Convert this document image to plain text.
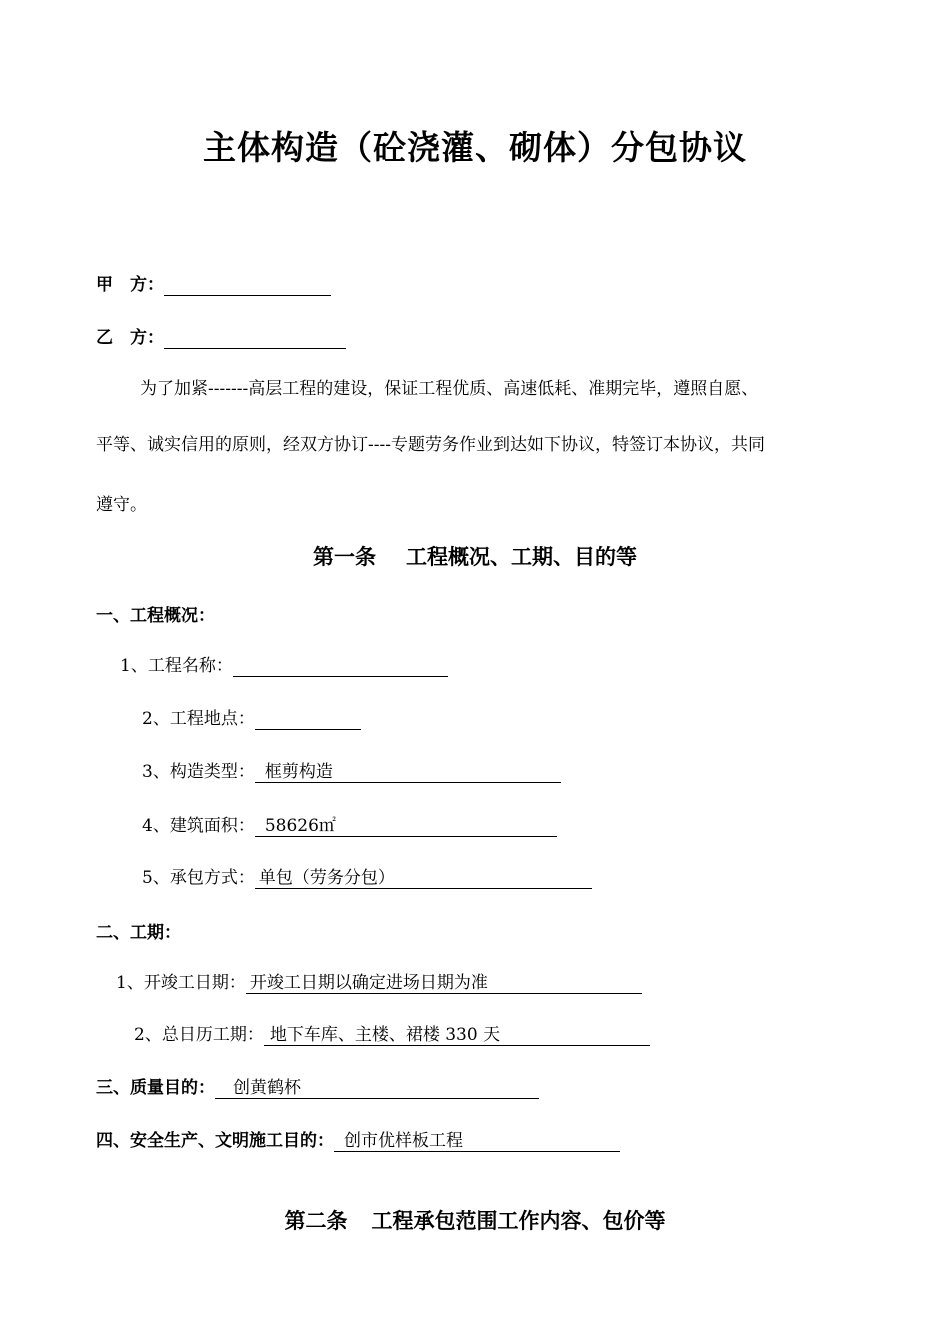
主体构造（砼浇灌、砌体）分包协议
甲　方：
乙　方：
为了加紧-------高层工程的建设，保证工程优质、高速低耗、准期完毕，遵照自愿、
平等、诚实信用的原则，经双方协订----专题劳务作业到达如下协议，特签订本协议，共同
遵守。
第一条 工程概况、工期、目的等
一、工程概况：
1、工程名称：
2、工程地点：
3、构造类型： 框剪构造
4、建筑面积： 58626㎡
5、承包方式： 单包（劳务分包）
二、工期：
1、开竣工日期： 开竣工日期以确定进场日期为准
2、总日历工期： 地下车库、主楼、裙楼 330 天
三、质量目的： 创黄鹤杯
四、安全生产、文明施工目的： 创市优样板工程
第二条 工程承包范围工作内容、包价等
